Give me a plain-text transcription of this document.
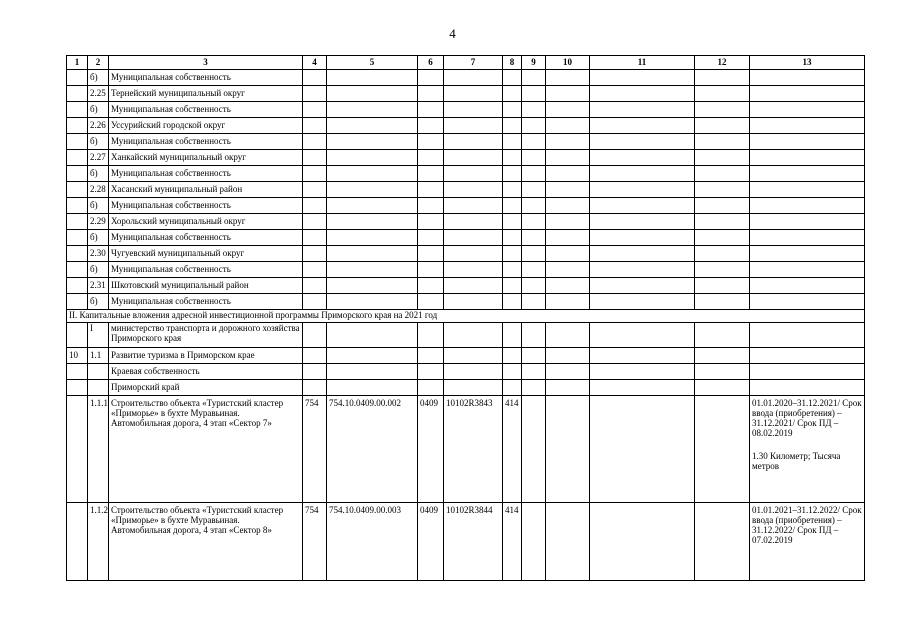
4
1	2	3	4	5	6	7	8	9	10	11	12	13
	б)	Муниципальная собственность										
	2.25	Тернейский муниципальный округ										
	б)	Муниципальная собственность										
	2.26	Уссурийский городской округ										
	б)	Муниципальная собственность										
	2.27	Ханкайский муниципальный округ										
	б)	Муниципальная собственность										
	2.28	Хасанский муниципальный район										
	б)	Муниципальная собственность										
	2.29	Хорольский муниципальный округ										
	б)	Муниципальная собственность										
	2.30	Чугуевский муниципальный округ										
	б)	Муниципальная собственность										
	2.31	Шкотовский муниципальный район										
	б)	Муниципальная собственность										
II. Капитальные вложения адресной инвестиционной программы Приморского края на 2021 год												
	I	министерство транспорта и дорожного хозяйства Приморского края										
10	1.1	Развитие туризма в Приморском крае										
		Краевая собственность										
		Приморский край										
	1.1.1	Строительство объекта «Туристский кластер «Приморье» в бухте Муравьиная. Автомобильная дорога, 4 этап «Сектор 7»	754	754.10.0409.00.002	0409	10102R3843	414					01.01.2020–31.12.2021/ Срок ввода (приобретения) – 31.12.2021/ Срок ПД – 08.02.2019
1.30 Километр; Тысяча метров
	1.1.2	Строительство объекта «Туристский кластер «Приморье» в бухте Муравьиная. Автомобильная дорога, 4 этап «Сектор 8»	754	754.10.0409.00.003	0409	10102R3844	414					01.01.2021–31.12.2022/ Срок ввода (приобретения) – 31.12.2022/ Срок ПД – 07.02.2019
